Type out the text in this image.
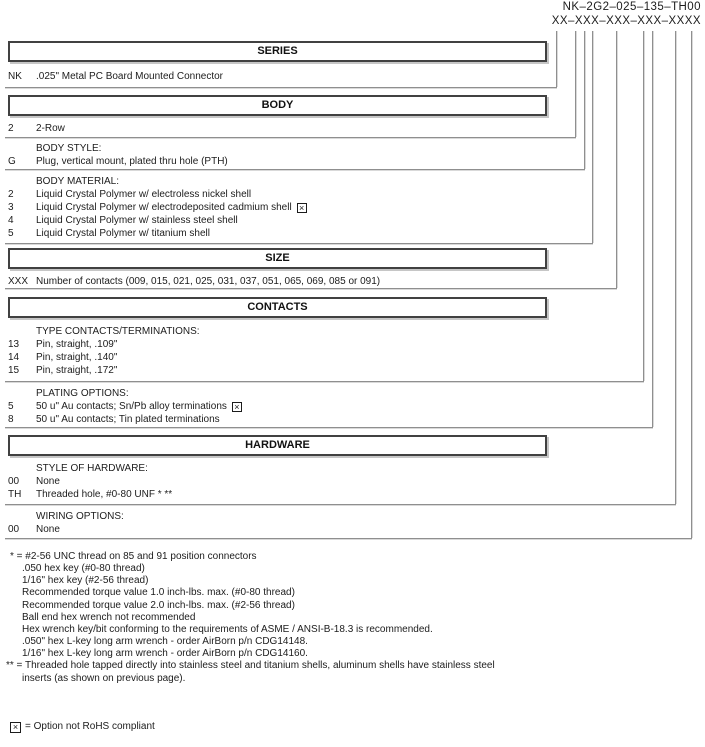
NK–2G2–025–135–TH00
XX–XXX–XXX–XXX–XXXX
SERIES
BODY
SIZE
CONTACTS
HARDWARE
NK .025" Metal PC Board Mounted Connector
2 2-Row
BODY STYLE:
G Plug, vertical mount, plated thru hole (PTH)
BODY MATERIAL:
2 Liquid Crystal Polymer w/ electroless nickel shell
3 Liquid Crystal Polymer w/ electrodeposited cadmium shell ×
4 Liquid Crystal Polymer w/ stainless steel shell
5 Liquid Crystal Polymer w/ titanium shell
XXX Number of contacts (009, 015, 021, 025, 031, 037, 051, 065, 069, 085 or 091)
TYPE CONTACTS/TERMINATIONS:
13 Pin, straight, .109"
14 Pin, straight, .140"
15 Pin, straight, .172"
PLATING OPTIONS:
5 50 u" Au contacts; Sn/Pb alloy terminations ×
8 50 u" Au contacts; Tin plated terminations
STYLE OF HARDWARE:
00 None
TH Threaded hole, #0-80 UNF * **
WIRING OPTIONS:
00 None
* = #2-56 UNC thread on 85 and 91 position connectors
.050 hex key (#0-80 thread)
1/16" hex key (#2-56 thread)
Recommended torque value 1.0 inch-lbs. max. (#0-80 thread)
Recommended torque value 2.0 inch-lbs. max. (#2-56 thread)
Ball end hex wrench not recommended
Hex wrench key/bit conforming to the requirements of ASME / ANSI-B-18.3 is recommended.
.050" hex L-key long arm wrench - order AirBorn p/n CDG14148.
1/16" hex L-key long arm wrench - order AirBorn p/n CDG14160.
** = Threaded hole tapped directly into stainless steel and titanium shells, aluminum shells have stainless steel
inserts (as shown on previous page).
× = Option not RoHS compliant
